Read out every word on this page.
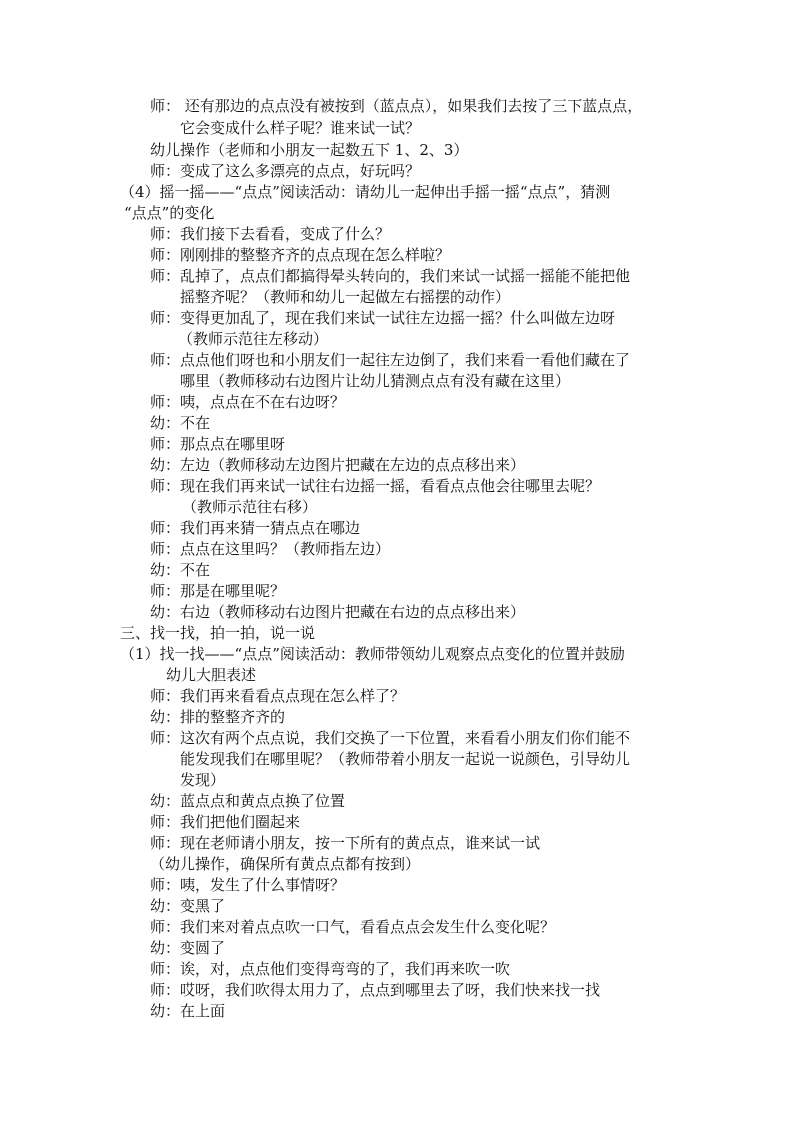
师： 还有那边的点点没有被按到（蓝点点），如果我们去按了三下蓝点点，
它会变成什么样子呢？谁来试一试？
幼儿操作（老师和小朋友一起数五下 1、2、3）
师：变成了这么多漂亮的点点，好玩吗？
（4）摇一摇——“点点”阅读活动：请幼儿一起伸出手摇一摇“点点”，猜测
“点点”的变化
师：我们接下去看看，变成了什么？
师：刚刚排的整整齐齐的点点现在怎么样啦？
师：乱掉了，点点们都搞得晕头转向的，我们来试一试摇一摇能不能把他
摇整齐呢？（教师和幼儿一起做左右摇摆的动作）
师：变得更加乱了，现在我们来试一试往左边摇一摇？什么叫做左边呀
（教师示范往左移动）
师：点点他们呀也和小朋友们一起往左边倒了，我们来看一看他们藏在了
哪里（教师移动右边图片让幼儿猜测点点有没有藏在这里）
师：咦，点点在不在右边呀？
幼：不在
师：那点点在哪里呀
幼：左边（教师移动左边图片把藏在左边的点点移出来）
师：现在我们再来试一试往右边摇一摇，看看点点他会往哪里去呢？
（教师示范往右移）
师：我们再来猜一猜点点在哪边
师：点点在这里吗？（教师指左边）
幼：不在
师：那是在哪里呢？
幼：右边（教师移动右边图片把藏在右边的点点移出来）
三、找一找，拍一拍，说一说
（1）找一找——“点点”阅读活动：教师带领幼儿观察点点变化的位置并鼓励
幼儿大胆表述
师：我们再来看看点点现在怎么样了？
幼：排的整整齐齐的
师：这次有两个点点说，我们交换了一下位置，来看看小朋友们你们能不
能发现我们在哪里呢？（教师带着小朋友一起说一说颜色，引导幼儿
发现）
幼：蓝点点和黄点点换了位置
师：我们把他们圈起来
师：现在老师请小朋友，按一下所有的黄点点，谁来试一试
（幼儿操作，确保所有黄点点都有按到）
师：咦，发生了什么事情呀？
幼：变黑了
师：我们来对着点点吹一口气，看看点点会发生什么变化呢？
幼：变圆了
师：诶，对，点点他们变得弯弯的了，我们再来吹一吹
师：哎呀，我们吹得太用力了，点点到哪里去了呀，我们快来找一找
幼：在上面
